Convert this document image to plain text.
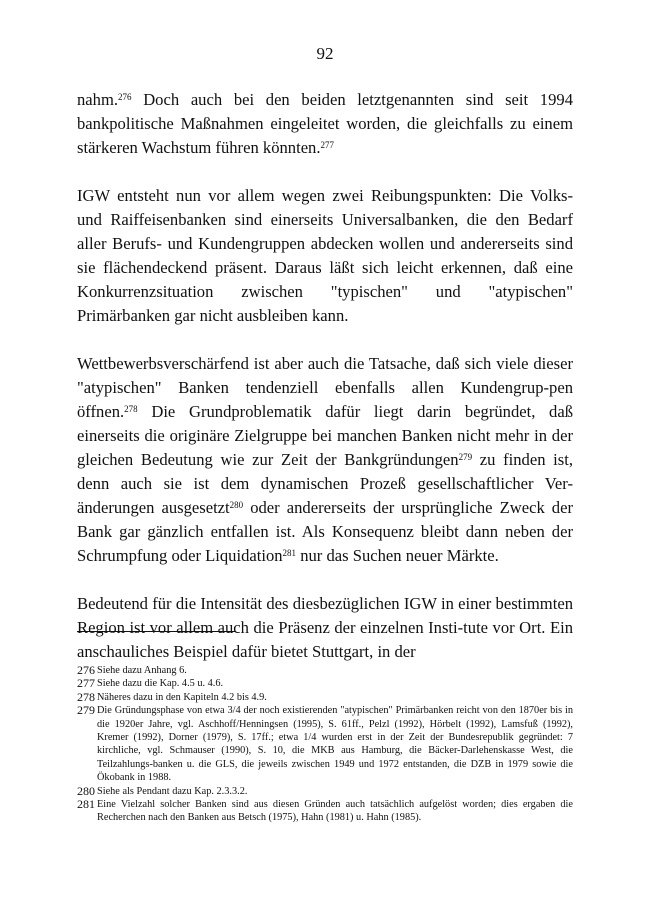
92

nahm.$^{276}$ Doch auch bei den beiden letztgenannten sind seit 1994 bankpolitische Maßnahmen eingeleitet worden, die gleichfalls zu einem stärkeren Wachstum führen könnten.$^{277}$

IGW entsteht nun vor allem wegen zwei Reibungspunkten: Die Volks- und Raiffeisenbanken sind einerseits Universalbanken, die den Bedarf aller Berufs- und Kundengruppen abdecken wollen und andererseits sind sie flächendeckend präsent. Daraus läßt sich leicht erkennen, daß eine Konkurrenzsituation zwischen "typischen" und "atypischen" Primärbanken gar nicht ausbleiben kann.

Wettbewerbsverschärfend ist aber auch die Tatsache, daß sich viele dieser "atypischen" Banken tendenziell ebenfalls allen Kundengrup-pen öffnen.$^{278}$ Die Grundproblematik dafür liegt darin begründet, daß einerseits die originäre Zielgruppe bei manchen Banken nicht mehr in der gleichen Bedeutung wie zur Zeit der Bankgründungen$^{279}$ zu finden ist, denn auch sie ist dem dynamischen Prozeß gesellschaftlicher Ver-änderungen ausgesetzt$^{280}$ oder andererseits der ursprüngliche Zweck der Bank gar gänzlich entfallen ist. Als Konsequenz bleibt dann neben der Schrumpfung oder Liquidation$^{281}$ nur das Suchen neuer Märkte.

Bedeutend für die Intensität des diesbezüglichen IGW in einer bestimmten Region ist vor allem auch die Präsenz der einzelnen Insti-tute vor Ort. Ein anschauliches Beispiel dafür bietet Stuttgart, in der

276 Siehe dazu Anhang 6.
277 Siehe dazu die Kap. 4.5 u. 4.6.
278 Näheres dazu in den Kapiteln 4.2 bis 4.9.
279 Die Gründungsphase von etwa 3/4 der noch existierenden "atypischen" Primärbanken reicht von den 1870er bis in die 1920er Jahre, vgl. Aschhoff/Henningsen (1995), S. 61ff., Pelzl (1992), Hörbelt (1992), Lamsfuß (1992), Kremer (1992), Dorner (1979), S. 17ff.; etwa 1/4 wurden erst in der Zeit der Bundesrepublik gegründet: 7 kirchliche, vgl. Schmauser (1990), S. 10, die MKB aus Hamburg, die Bäcker-Darlehenskasse West, die Teilzahlungs-banken u. die GLS, die jeweils zwischen 1949 und 1972 entstanden, die DZB in 1979 sowie die Ökobank in 1988.
280 Siehe als Pendant dazu Kap. 2.3.3.2.
281 Eine Vielzahl solcher Banken sind aus diesen Gründen auch tatsächlich aufgelöst worden; dies ergaben die Recherchen nach den Banken aus Betsch (1975), Hahn (1981) u. Hahn (1985).
